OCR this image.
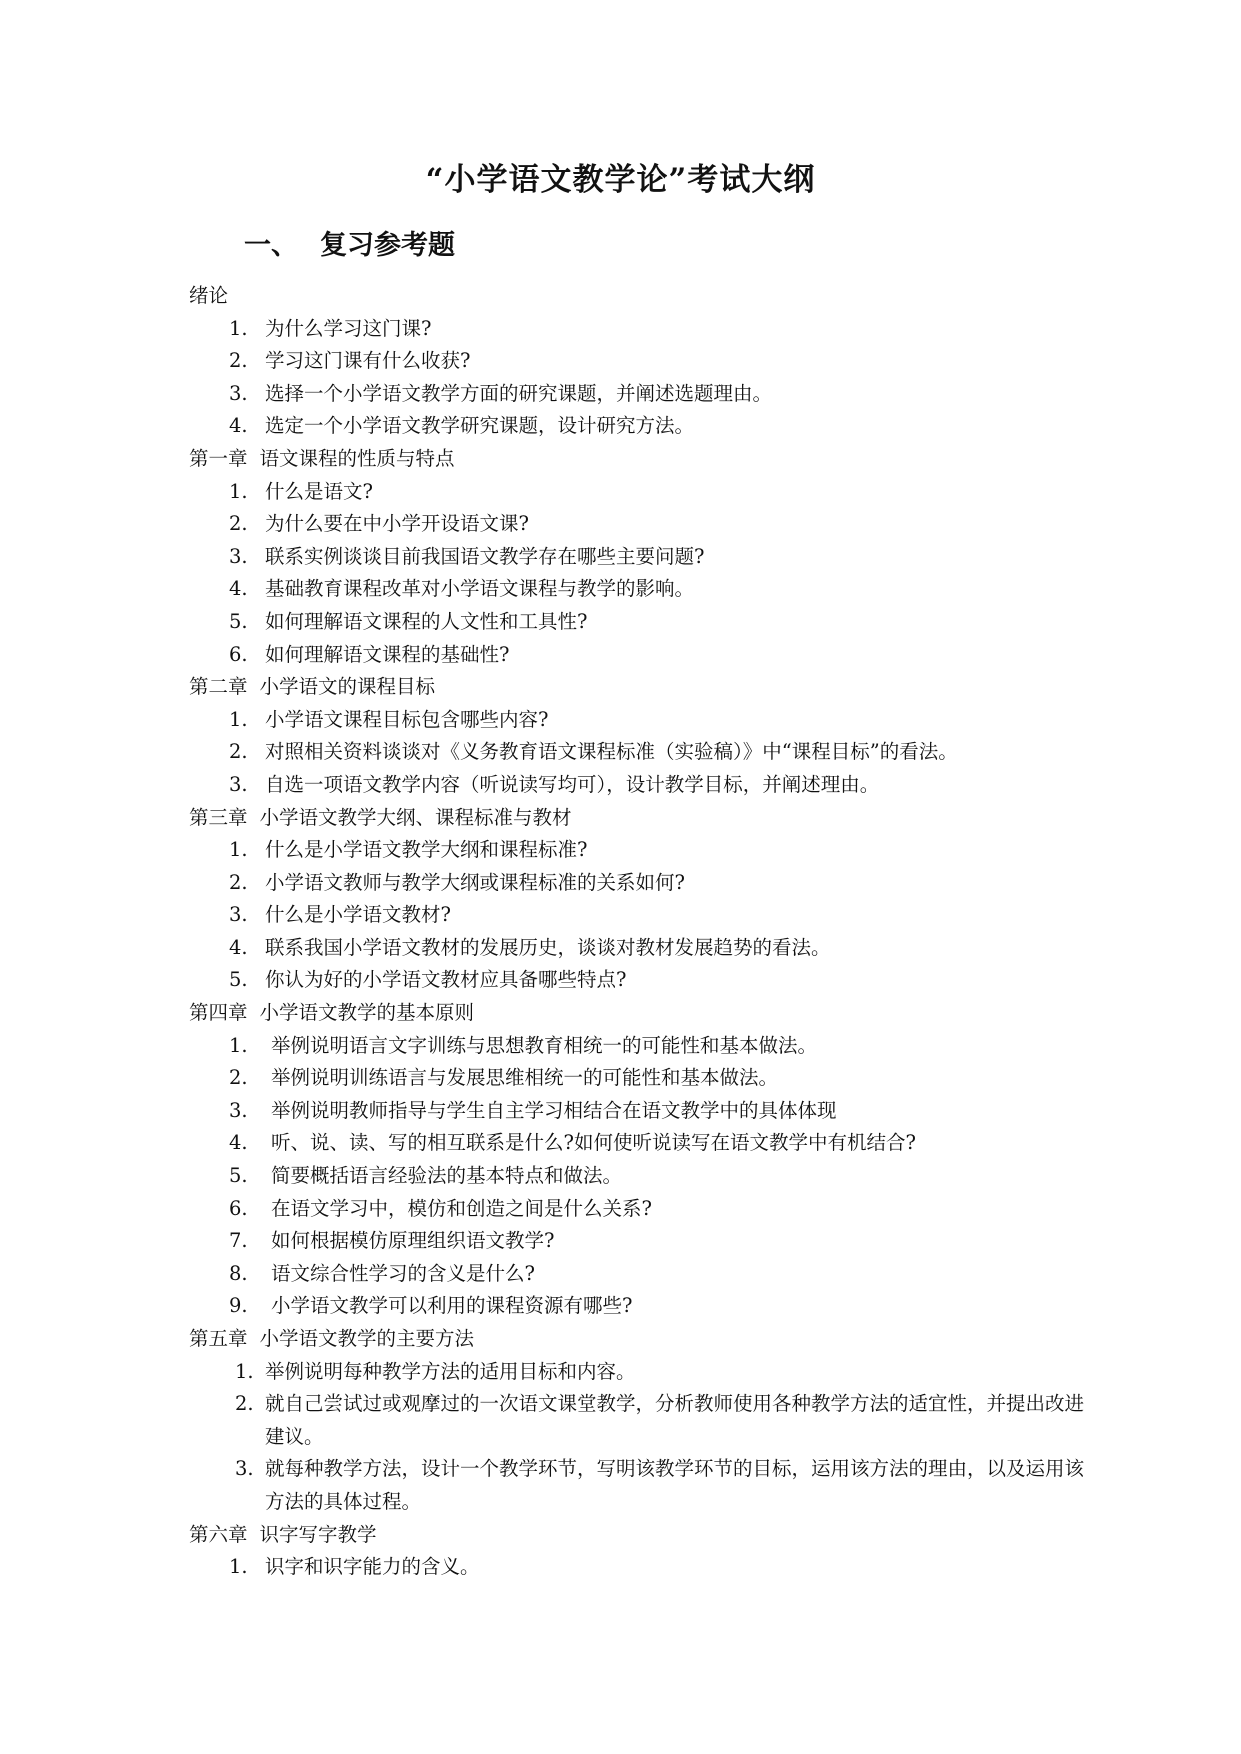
“小学语文教学论”考试大纲
一、 复习参考题
绪论
1. 为什么学习这门课?
2. 学习这门课有什么收获?
3. 选择一个小学语文教学方面的研究课题，并阐述选题理由。
4. 选定一个小学语文教学研究课题，设计研究方法。
第一章 语文课程的性质与特点
1. 什么是语文?
2. 为什么要在中小学开设语文课?
3. 联系实例谈谈目前我国语文教学存在哪些主要问题?
4. 基础教育课程改革对小学语文课程与教学的影响。
5. 如何理解语文课程的人文性和工具性?
6. 如何理解语文课程的基础性?
第二章 小学语文的课程目标
1. 小学语文课程目标包含哪些内容?
2. 对照相关资料谈谈对《义务教育语文课程标准（实验稿）》中“课程目标”的看法。
3. 自选一项语文教学内容（听说读写均可），设计教学目标，并阐述理由。
第三章 小学语文教学大纲、课程标准与教材
1. 什么是小学语文教学大纲和课程标准?
2. 小学语文教师与教学大纲或课程标准的关系如何?
3. 什么是小学语文教材?
4. 联系我国小学语文教材的发展历史，谈谈对教材发展趋势的看法。
5. 你认为好的小学语文教材应具备哪些特点?
第四章 小学语文教学的基本原则
1. 举例说明语言文字训练与思想教育相统一的可能性和基本做法。
2. 举例说明训练语言与发展思维相统一的可能性和基本做法。
3. 举例说明教师指导与学生自主学习相结合在语文教学中的具体体现
4. 听、说、读、写的相互联系是什么?如何使听说读写在语文教学中有机结合?
5. 简要概括语言经验法的基本特点和做法。
6. 在语文学习中，模仿和创造之间是什么关系?
7. 如何根据模仿原理组织语文教学?
8. 语文综合性学习的含义是什么?
9. 小学语文教学可以利用的课程资源有哪些?
第五章 小学语文教学的主要方法
1. 举例说明每种教学方法的适用目标和内容。
2. 就自己尝试过或观摩过的一次语文课堂教学，分析教师使用各种教学方法的适宜性，并提出改进建议。
3. 就每种教学方法，设计一个教学环节，写明该教学环节的目标，运用该方法的理由，以及运用该方法的具体过程。
第六章 识字写字教学
1. 识字和识字能力的含义。
